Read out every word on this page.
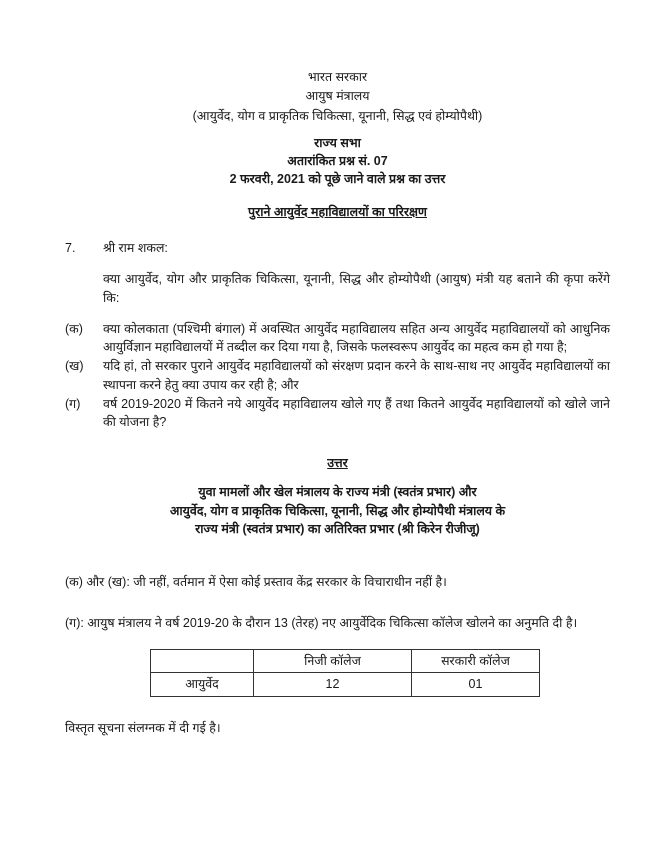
भारत सरकार
आयुष मंत्रालय
(आयुर्वेद, योग व प्राकृतिक चिकित्सा, यूनानी, सिद्ध एवं होम्योपैथी)
राज्य सभा
अतारांकित प्रश्न सं. 07
2 फरवरी, 2021 को पूछे जाने वाले प्रश्न का उत्तर
पुराने आयुर्वेद महाविद्यालयों का परिरक्षण
7.	श्री राम शकल:
क्या आयुर्वेद, योग और प्राकृतिक चिकित्सा, यूनानी, सिद्ध और होम्योपैथी (आयुष) मंत्री यह बताने की कृपा करेंगे कि:
(क)	क्या कोलकाता (पश्चिमी बंगाल) में अवस्थित आयुर्वेद महाविद्यालय सहित अन्य आयुर्वेद महाविद्यालयों को आधुनिक आयुर्विज्ञान महाविद्यालयों में तब्दील कर दिया गया है, जिसके फलस्वरूप आयुर्वेद का महत्व कम हो गया है;
(ख)	यदि हां, तो सरकार पुराने आयुर्वेद महाविद्यालयों को संरक्षण प्रदान करने के साथ-साथ नए आयुर्वेद महाविद्यालयों का स्थापना करने हेतु क्या उपाय कर रही है; और
(ग)	वर्ष 2019-2020 में कितने नये आयुर्वेद महाविद्यालय खोले गए हैं तथा कितने आयुर्वेद महाविद्यालयों को खोले जाने की योजना है?
उत्तर
युवा मामलों और खेल मंत्रालय के राज्य मंत्री (स्वतंत्र प्रभार) और
आयुर्वेद, योग व प्राकृतिक चिकित्सा, यूनानी, सिद्ध और होम्योपैथी मंत्रालय के
राज्य मंत्री (स्वतंत्र प्रभार) का अतिरिक्त प्रभार (श्री किरेन रीजीजू)

(क) और (ख): जी नहीं, वर्तमान में ऐसा कोई प्रस्ताव केंद्र सरकार के विचाराधीन नहीं है।

(ग): आयुष मंत्रालय ने वर्ष 2019-20 के दौरान 13 (तेरह) नए आयुर्वेदिक चिकित्सा कॉलेज खोलने का अनुमति दी है।

	निजी कॉलेज	सरकारी कॉलेज
आयुर्वेद	12	01
विस्तृत सूचना संलग्नक में दी गई है।
